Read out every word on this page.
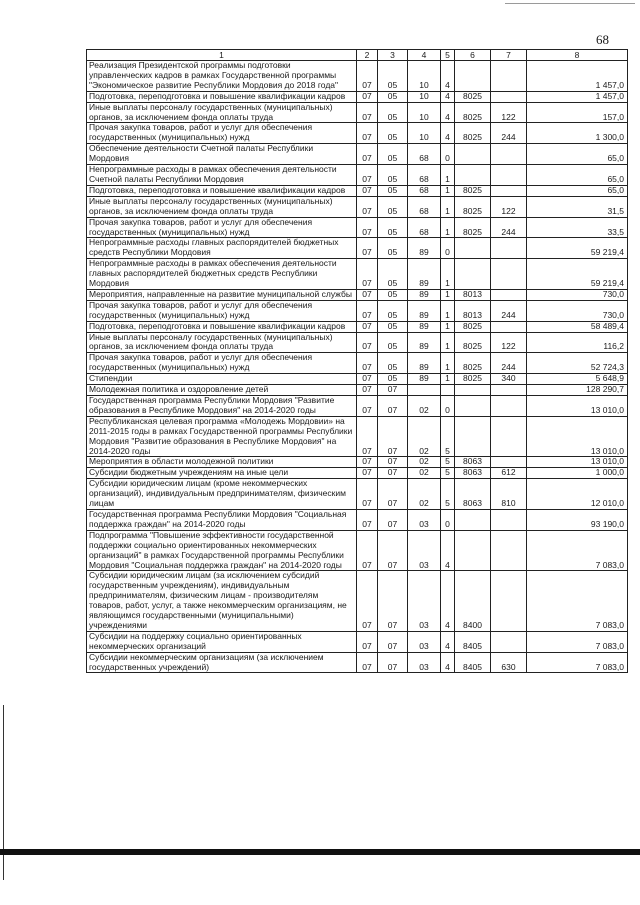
68
1	2	3	4	5	6	7	8
Реализация Президентской программы подготовки управленческих кадров в рамках Государственной программы "Экономическое развитие Республики Мордовия до 2018 года"	07	05	10	4			1 457,0
Подготовка, переподготовка и повышение квалификации кадров	07	05	10	4	8025		1 457,0
Иные выплаты персоналу государственных (муниципальных) органов, за исключением фонда оплаты труда	07	05	10	4	8025	122	157,0
Прочая закупка товаров, работ и услуг для обеспечения государственных (муниципальных) нужд	07	05	10	4	8025	244	1 300,0
Обеспечение деятельности Счетной палаты Республики Мордовия	07	05	68	0			65,0
Непрограммные расходы в рамках обеспечения деятельности Счетной палаты Республики Мордовия	07	05	68	1			65,0
Подготовка, переподготовка и повышение квалификации кадров	07	05	68	1	8025		65,0
Иные выплаты персоналу государственных (муниципальных) органов, за исключением фонда оплаты труда	07	05	68	1	8025	122	31,5
Прочая закупка товаров, работ и услуг для обеспечения государственных (муниципальных) нужд	07	05	68	1	8025	244	33,5
Непрограммные расходы главных распорядителей бюджетных средств Республики Мордовия	07	05	89	0			59 219,4
Непрограммные расходы в рамках обеспечения деятельности главных распорядителей бюджетных средств Республики Мордовия	07	05	89	1			59 219,4
Мероприятия, направленные на развитие муниципальной службы	07	05	89	1	8013		730,0
Прочая закупка товаров, работ и услуг для обеспечения государственных (муниципальных) нужд	07	05	89	1	8013	244	730,0
Подготовка, переподготовка и повышение квалификации кадров	07	05	89	1	8025		58 489,4
Иные выплаты персоналу государственных (муниципальных) органов, за исключением фонда оплаты труда	07	05	89	1	8025	122	116,2
Прочая закупка товаров, работ и услуг для обеспечения государственных (муниципальных) нужд	07	05	89	1	8025	244	52 724,3
Стипендии	07	05	89	1	8025	340	5 648,9
Молодежная политика и оздоровление детей	07	07					128 290,7
Государственная программа Республики Мордовия "Развитие образования в Республике Мордовия" на 2014-2020 годы	07	07	02	0			13 010,0
Республиканская целевая программа «Молодежь Мордовии» на 2011-2015 годы в рамках Государственной программы Республики Мордовия "Развитие образования в Республике Мордовия" на 2014-2020 годы	07	07	02	5			13 010,0
Мероприятия в области молодежной политики	07	07	02	5	8063		13 010,0
Субсидии бюджетным учреждениям на иные цели	07	07	02	5	8063	612	1 000,0
Субсидии юридическим лицам (кроме некоммерческих организаций), индивидуальным предпринимателям, физическим лицам	07	07	02	5	8063	810	12 010,0
Государственная программа Республики Мордовия "Социальная поддержка граждан" на 2014-2020 годы	07	07	03	0			93 190,0
Подпрограмма "Повышение эффективности государственной поддержки социально ориентированных некоммерческих организаций" в рамках Государственной программы Республики Мордовия "Социальная поддержка граждан" на 2014-2020 годы	07	07	03	4			7 083,0
Субсидии юридическим лицам (за исключением субсидий государственным учреждениям), индивидуальным предпринимателям, физическим лицам - производителям товаров, работ, услуг, а также некоммерческим организациям, не являющимся государственными (муниципальными) учреждениями	07	07	03	4	8400		7 083,0
Субсидии на поддержку социально ориентированных некоммерческих организаций	07	07	03	4	8405		7 083,0
Субсидии некоммерческим организациям (за исключением государственных учреждений)	07	07	03	4	8405	630	7 083,0
